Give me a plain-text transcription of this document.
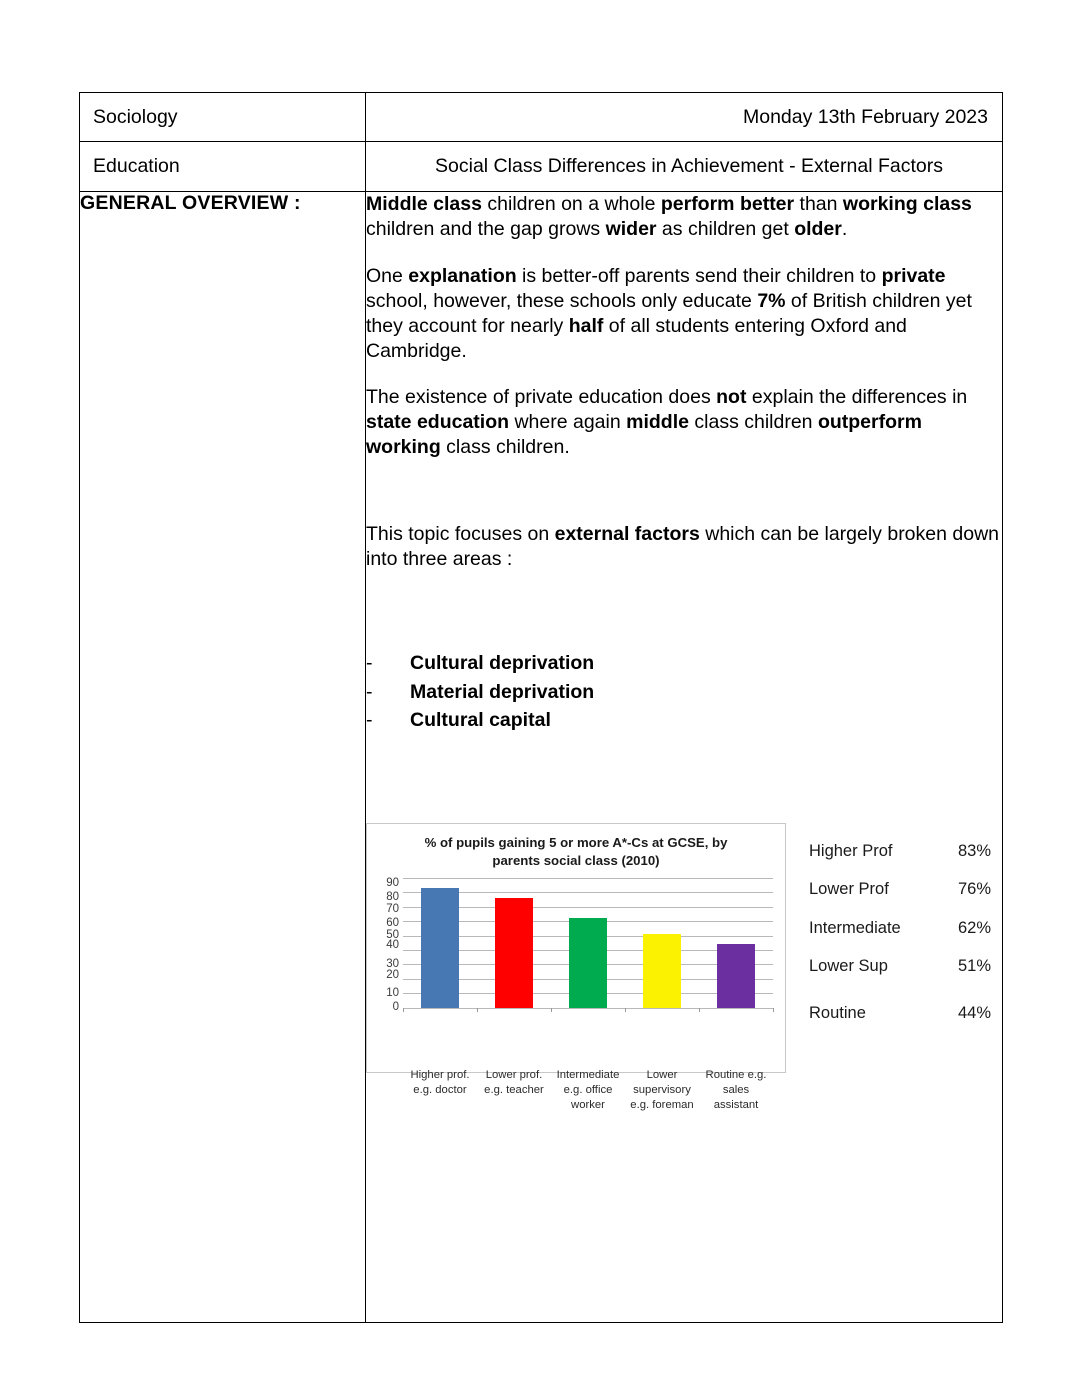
Sociology	Monday 13th February 2023

Education	Social Class Differences in Achievement - External Factors

GENERAL OVERVIEW :	Middle class children on a whole perform better than working class children and the gap grows wider as children get older.

One explanation is better-off parents send their children to private school, however, these schools only educate 7% of British children yet they account for nearly half of all students entering Oxford and Cambridge.

The existence of private education does not explain the differences in state education where again middle class children outperform working class children.

This topic focuses on external factors which can be largely broken down into three areas :

-	Cultural deprivation
-	Material deprivation
-	Cultural capital
% of pupils gaining 5 or more A*-Cs at GCSE, by
parents social class (2010)
90
80
70
60
50
40
30
20
10
0
Higher prof.
e.g. doctor
Lower prof.
e.g. teacher
Intermediate
e.g. office
worker
Lower
supervisory
e.g. foreman
Routine e.g.
sales assistant
Higher Prof	83%
Lower Prof	76%
Intermediate	62%
Lower Sup	51%
Routine	44%
